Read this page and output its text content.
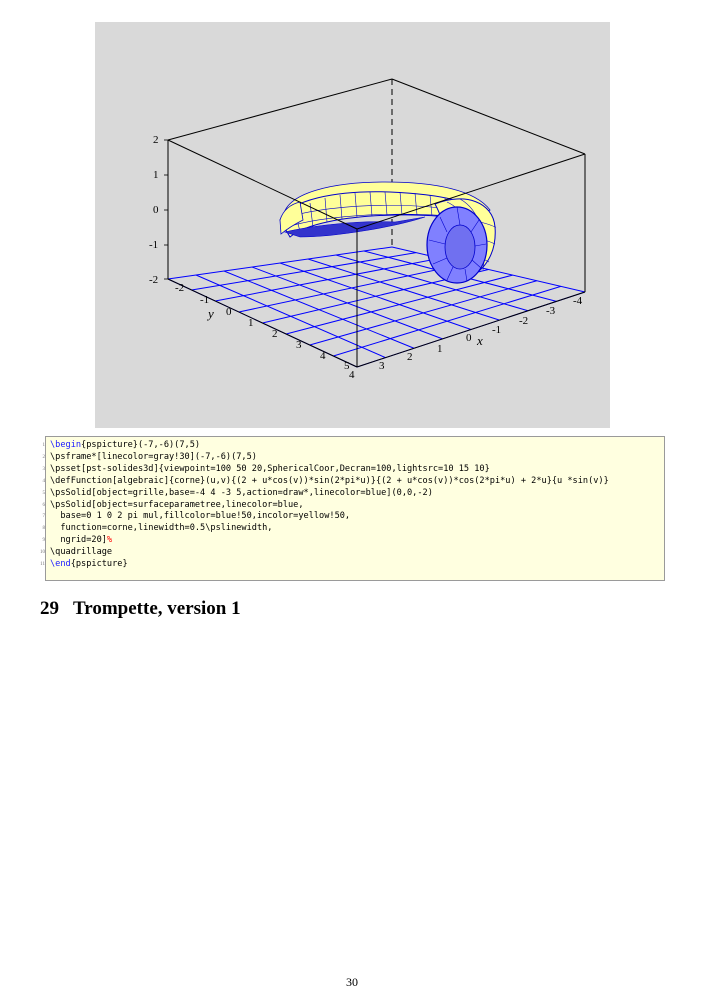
2
1
0
-1
-2
-2
-1
0
1
2
3
4
5
y
-4
-3
-2
-1
0
1
2
3
4
x
1 \begin{pspicture}(-7,-6)(7,5)
2 \psframe*[linecolor=gray!30](-7,-6)(7,5)
3 \psset[pst-solides3d]{viewpoint=100 50 20,SphericalCoor,Decran=100,lightsrc=10 15 10}
4 \defFunction[algebraic]{corne}(u,v){(2 + u*cos(v))*sin(2*pi*u)}{(2 + u*cos(v))*cos(2*pi*u) + 2*u}{u *sin(v)}
5 \psSolid[object=grille,base=-4 4 -3 5,action=draw*,linecolor=blue](0,0,-2)
6 \psSolid[object=surfaceparametree,linecolor=blue,
7 base=0 1 0 2 pi mul,fillcolor=blue!50,incolor=yellow!50,
8 function=corne,linewidth=0.5\pslinewidth,
9 ngrid=20]%
10 \quadrillage
11 \end{pspicture}
29 Trompette, version 1
30
